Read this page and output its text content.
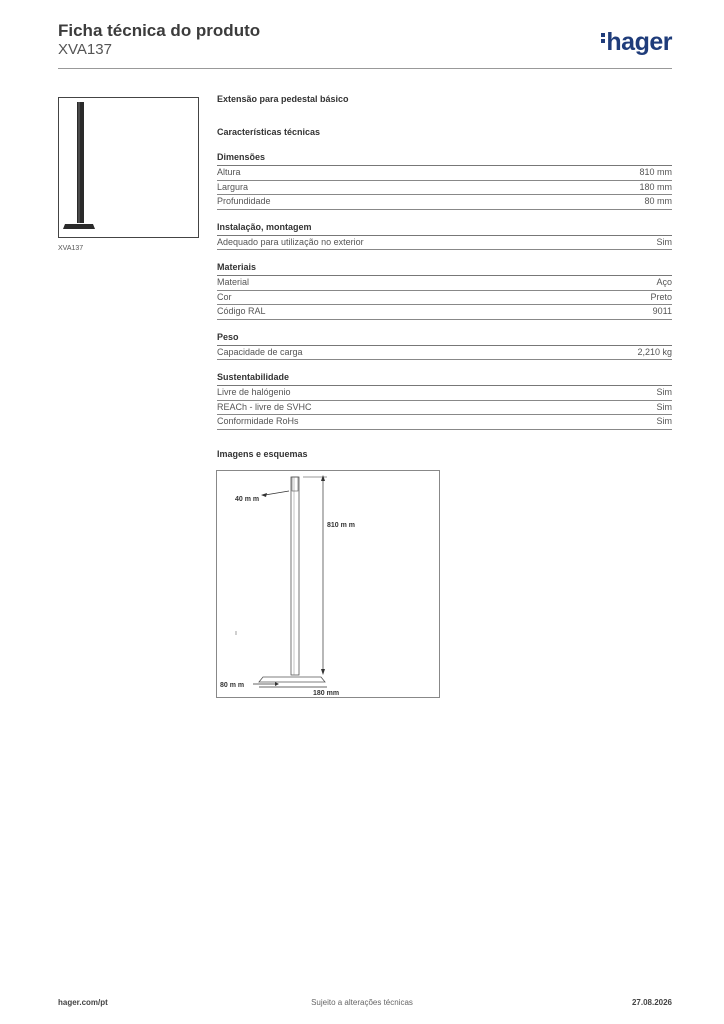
Ficha técnica do produto
XVA137	hager
XVA137
Extensão para pedestal básico
Características técnicas
Dimensões
Altura	810 mm
Largura	180 mm
Profundidade	80 mm
Instalação, montagem
Adequado para utilização no exterior	Sim
Materiais
Material	Aço
Cor	Preto
Código RAL	9011
Peso
Capacidade de carga	2,210 kg
Sustentabilidade
Livre de halógenio	Sim
REACh - livre de SVHC	Sim
Conformidade RoHs	Sim
Imagens e esquemas
40 m m
810 m m
80 m m
180 mm
hager.com/pt	Sujeito a alterações técnicas	27.08.2026
